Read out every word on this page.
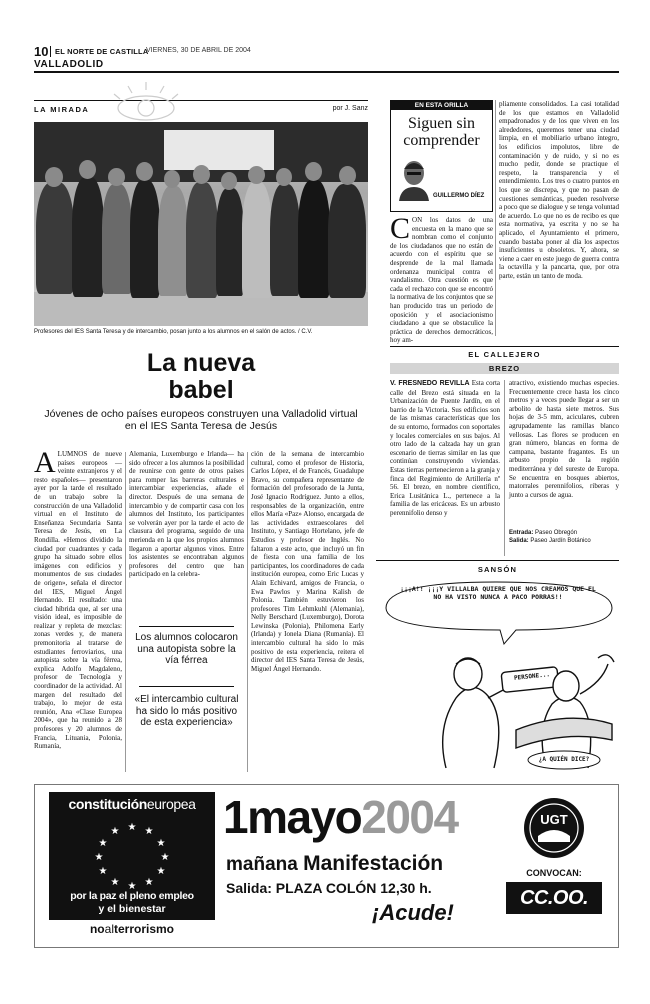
10 EL NORTE DE CASTILLA
VIERNES, 30 DE ABRIL DE 2004
VALLADOLID
LA MIRADA	por J. Sanz
Profesores del IES Santa Teresa y de intercambio, posan junto a los alumnos en el salón de actos. / C.V.
La nueva
babel
Jóvenes de ocho países europeos construyen una Valladolid virtual en el IES Santa Teresa de Jesús
ALUMNOS de nueve países europeos —veinte extranjeros y el resto españoles— presentaron ayer por la tarde el resultado de un trabajo sobre la construcción de una Valladolid virtual en el Instituto de Enseñanza Secundaria Santa Teresa de Jesús, en La Rondilla. «Hemos dividido la ciudad por cuadrantes y cada grupo ha situado sobre ellos imágenes con edificios y monumentos de sus ciudades de origen», señala el director del IES, Miguel Ángel Hernando. El resultado: una ciudad híbrida que, al ser una visión ideal, es imposible de realizar y repleta de mezclas: zonas verdes y, de manera premonitoria al tratarse de estudiantes ferroviarios, una autopista sobre la vía férrea, explica Adolfo Magdaleno, profesor de Tecnología y coordinador de la actividad. Al margen del resultado del trabajo, lo mejor de esta reunión, Ana «Clase Europea 2004», que ha reunido a 28 profesores y 20 alumnos de Francia, Lituania, Polonia, Rumanía,
Alemania, Luxemburgo e Irlanda— ha sido ofrecer a los alumnos la posibilidad de reunirse con gente de otros países para romper las barreras culturales e intercambiar experiencias, añade el director. Después de una semana de intercambio y de compartir casa con los alumnos del Instituto, los participantes se volverán ayer por la tarde el acto de clausura del programa, seguido de una merienda en la que los propios alumnos llegaron a aportar algunos vinos. Entre los asistentes se encontraban algunos profesores del centro que han participado en la celebra-
Los alumnos colocaron una autopista sobre la vía férrea
«El intercambio cultural ha sido lo más positivo de esta experiencia»
ción de la semana de intercambio cultural, como el profesor de Historia, Carlos López, el de Francés, Guadalupe Bravo, su compañera representante de formación del profesorado de la Junta, José Ignacio Rodríguez. Junto a ellos, responsables de la organización, entre ellos María «Paz» Alonso, encargada de las actividades extraescolares del Instituto, y Santiago Hortelano, jefe de Estudios y profesor de Inglés. No faltaron a este acto, que incluyó un fin de fiesta con una familia de los participantes, los coordinadores de cada institución europea, como Eric Lucas y Alain Echivard, amigos de Francia, o Ewa Pawlos y Marina Kalish de Polonia. También estuvieron los profesores Tim Lehmkuhl (Alemania), Nelly Berschard (Luxemburgo), Dorota Lewinska (Polonia), Philomena Early (Irlanda) y Ionela Diana (Rumanía). El intercambio cultural ha sido lo más positivo de esta experiencia, reitera el director del IES Santa Teresa de Jesús, Miguel Ángel Hernando.
EN ESTA ORILLA
Siguen sin
comprender
GUILLERMO DÍEZ
CON los datos de una encuesta en la mano que se nombran como el conjunto de los ciudadanos que no están de acuerdo con el espíritu que se desprende de la mal llamada ordenanza municipal contra el vandalismo. Otra cuestión es que cada el rechazo con que se encontró la normativa de los conjuntos que se han producido tras un periodo de oposición y el asociacionismo ciudadano a que se obstaculice la práctica de derechos democráticos, hoy am-
pliamente consolidados. La casi totalidad de los que estamos en Valladolid empadronados y de los que viven en los alrededores, queremos tener una ciudad limpia, en el mobiliario urbano íntegro, los edificios impolutos, libre de contaminación y de ruido, y si no es mucho pedir, donde se practique el respeto, la transparencia y el entendimiento. Los tres o cuatro puntos en los que se discrepa, y que no pasan de cuestiones semánticas, pueden resolverse a poco que se dialogue y se tenga voluntad de acuerdo. Lo que no es de recibo es que esta normativa, ya escrita y no se ha aplicado, el Ayuntamiento el primero, cuando bastaba poner al día los aspectos insuficientes u obsoletos. Y, ahora, se viene a caer en este juego de guerra contra la octavilla y la pancarta, que, por otra parte, están un tanto de moda.
EL CALLEJERO
BREZO
V. FRESNEDO REVILLA Esta corta calle del Brezo está situada en la Urbanización de Puente Jardín, en el barrio de la Victoria. Sus edificios son de las mismas características que los de su entorno, formados con soportales y locales comerciales en sus bajos. Al otro lado de la calzada hay un gran escenario de tierras similar en las que continúan construyendo viviendas. Estas tierras pertenecieron a la granja y finca del Regimiento de Artillería nº 56. El brezo, en nombre científico, Erica Lusitánica L., pertenece a la familia de las ericáceas. Es un arbusto perennifolio denso y
atractivo, existiendo muchas especies. Frecuentemente crece hasta los cinco metros y a veces puede llegar a ser un arbolito de hasta siete metros. Sus hojas de 3-5 mm, aciculares, cubren agrupadamente las ramillas blanco vellosas. Las flores se producen en gran número, blancas en forma de campana, bastante fragantes. Es un arbusto propio de la región mediterránea y del sureste de Europa. Se encuentra en bosques abiertos, matorrales perennifolios, riberas y junto a cursos de agua.
Entrada: Paseo Obregón
Salida: Paseo Jardín Botánico
SANSÓN
¡¡¡A!! ¡¡¡Y VILLALBA QUIERE QUE NOS CREAMOS QUE EL NO HA VISTO NUNCA A PACO PORRAS!!
PERSONE...
¿A QUIÉN DICE?
constitucióneuropea
★ ★
★
★
★
★
★
★
★
★
★
★
por la paz el pleno empleo
y el bienestar
noalterrorismo
1mayo2004
mañana Manifestación
Salida: PLAZA COLÓN 12,30 h.
¡Acude!
UGT
CONVOCAN:
CC.OO.
